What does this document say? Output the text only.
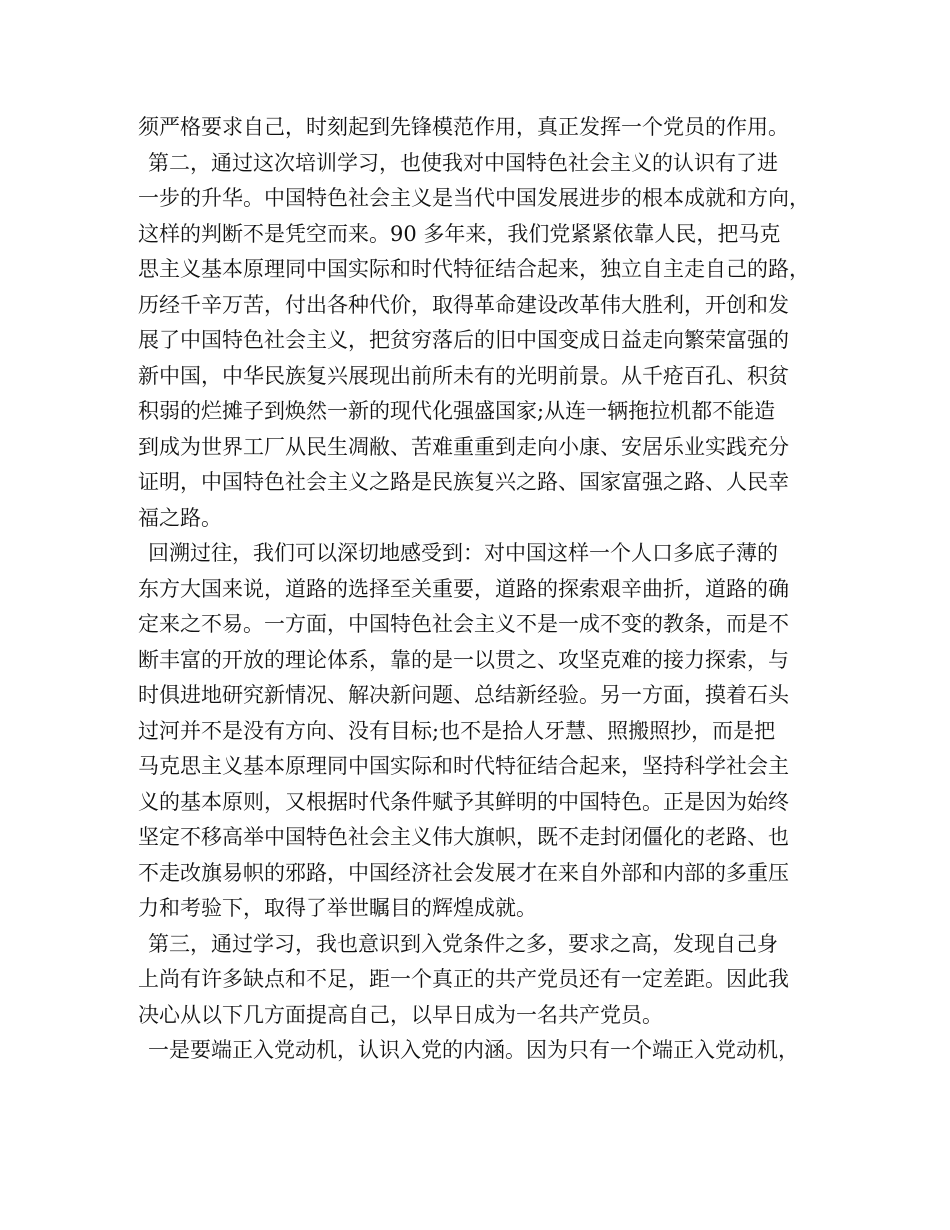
须严格要求自己，时刻起到先锋模范作用，真正发挥一个党员的作用。

第二，通过这次培训学习，也使我对中国特色社会主义的认识有了进

一步的升华。中国特色社会主义是当代中国发展进步的根本成就和方向，

这样的判断不是凭空而来。90 多年来，我们党紧紧依靠人民，把马克

思主义基本原理同中国实际和时代特征结合起来，独立自主走自己的路，

历经千辛万苦，付出各种代价，取得革命建设改革伟大胜利，开创和发

展了中国特色社会主义，把贫穷落后的旧中国变成日益走向繁荣富强的

新中国，中华民族复兴展现出前所未有的光明前景。从千疮百孔、积贫

积弱的烂摊子到焕然一新的现代化强盛国家;从连一辆拖拉机都不能造

到成为世界工厂从民生凋敝、苦难重重到走向小康、安居乐业实践充分

证明，中国特色社会主义之路是民族复兴之路、国家富强之路、人民幸

福之路。

回溯过往，我们可以深切地感受到：对中国这样一个人口多底子薄的

东方大国来说，道路的选择至关重要，道路的探索艰辛曲折，道路的确

定来之不易。一方面，中国特色社会主义不是一成不变的教条，而是不

断丰富的开放的理论体系，靠的是一以贯之、攻坚克难的接力探索，与

时俱进地研究新情况、解决新问题、总结新经验。另一方面，摸着石头

过河并不是没有方向、没有目标;也不是拾人牙慧、照搬照抄，而是把

马克思主义基本原理同中国实际和时代特征结合起来，坚持科学社会主

义的基本原则，又根据时代条件赋予其鲜明的中国特色。正是因为始终

坚定不移高举中国特色社会主义伟大旗帜，既不走封闭僵化的老路、也

不走改旗易帜的邪路，中国经济社会发展才在来自外部和内部的多重压

力和考验下，取得了举世瞩目的辉煌成就。

第三，通过学习，我也意识到入党条件之多，要求之高，发现自己身

上尚有许多缺点和不足，距一个真正的共产党员还有一定差距。因此我

决心从以下几方面提高自己，以早日成为一名共产党员。

一是要端正入党动机，认识入党的内涵。因为只有一个端正入党动机，
